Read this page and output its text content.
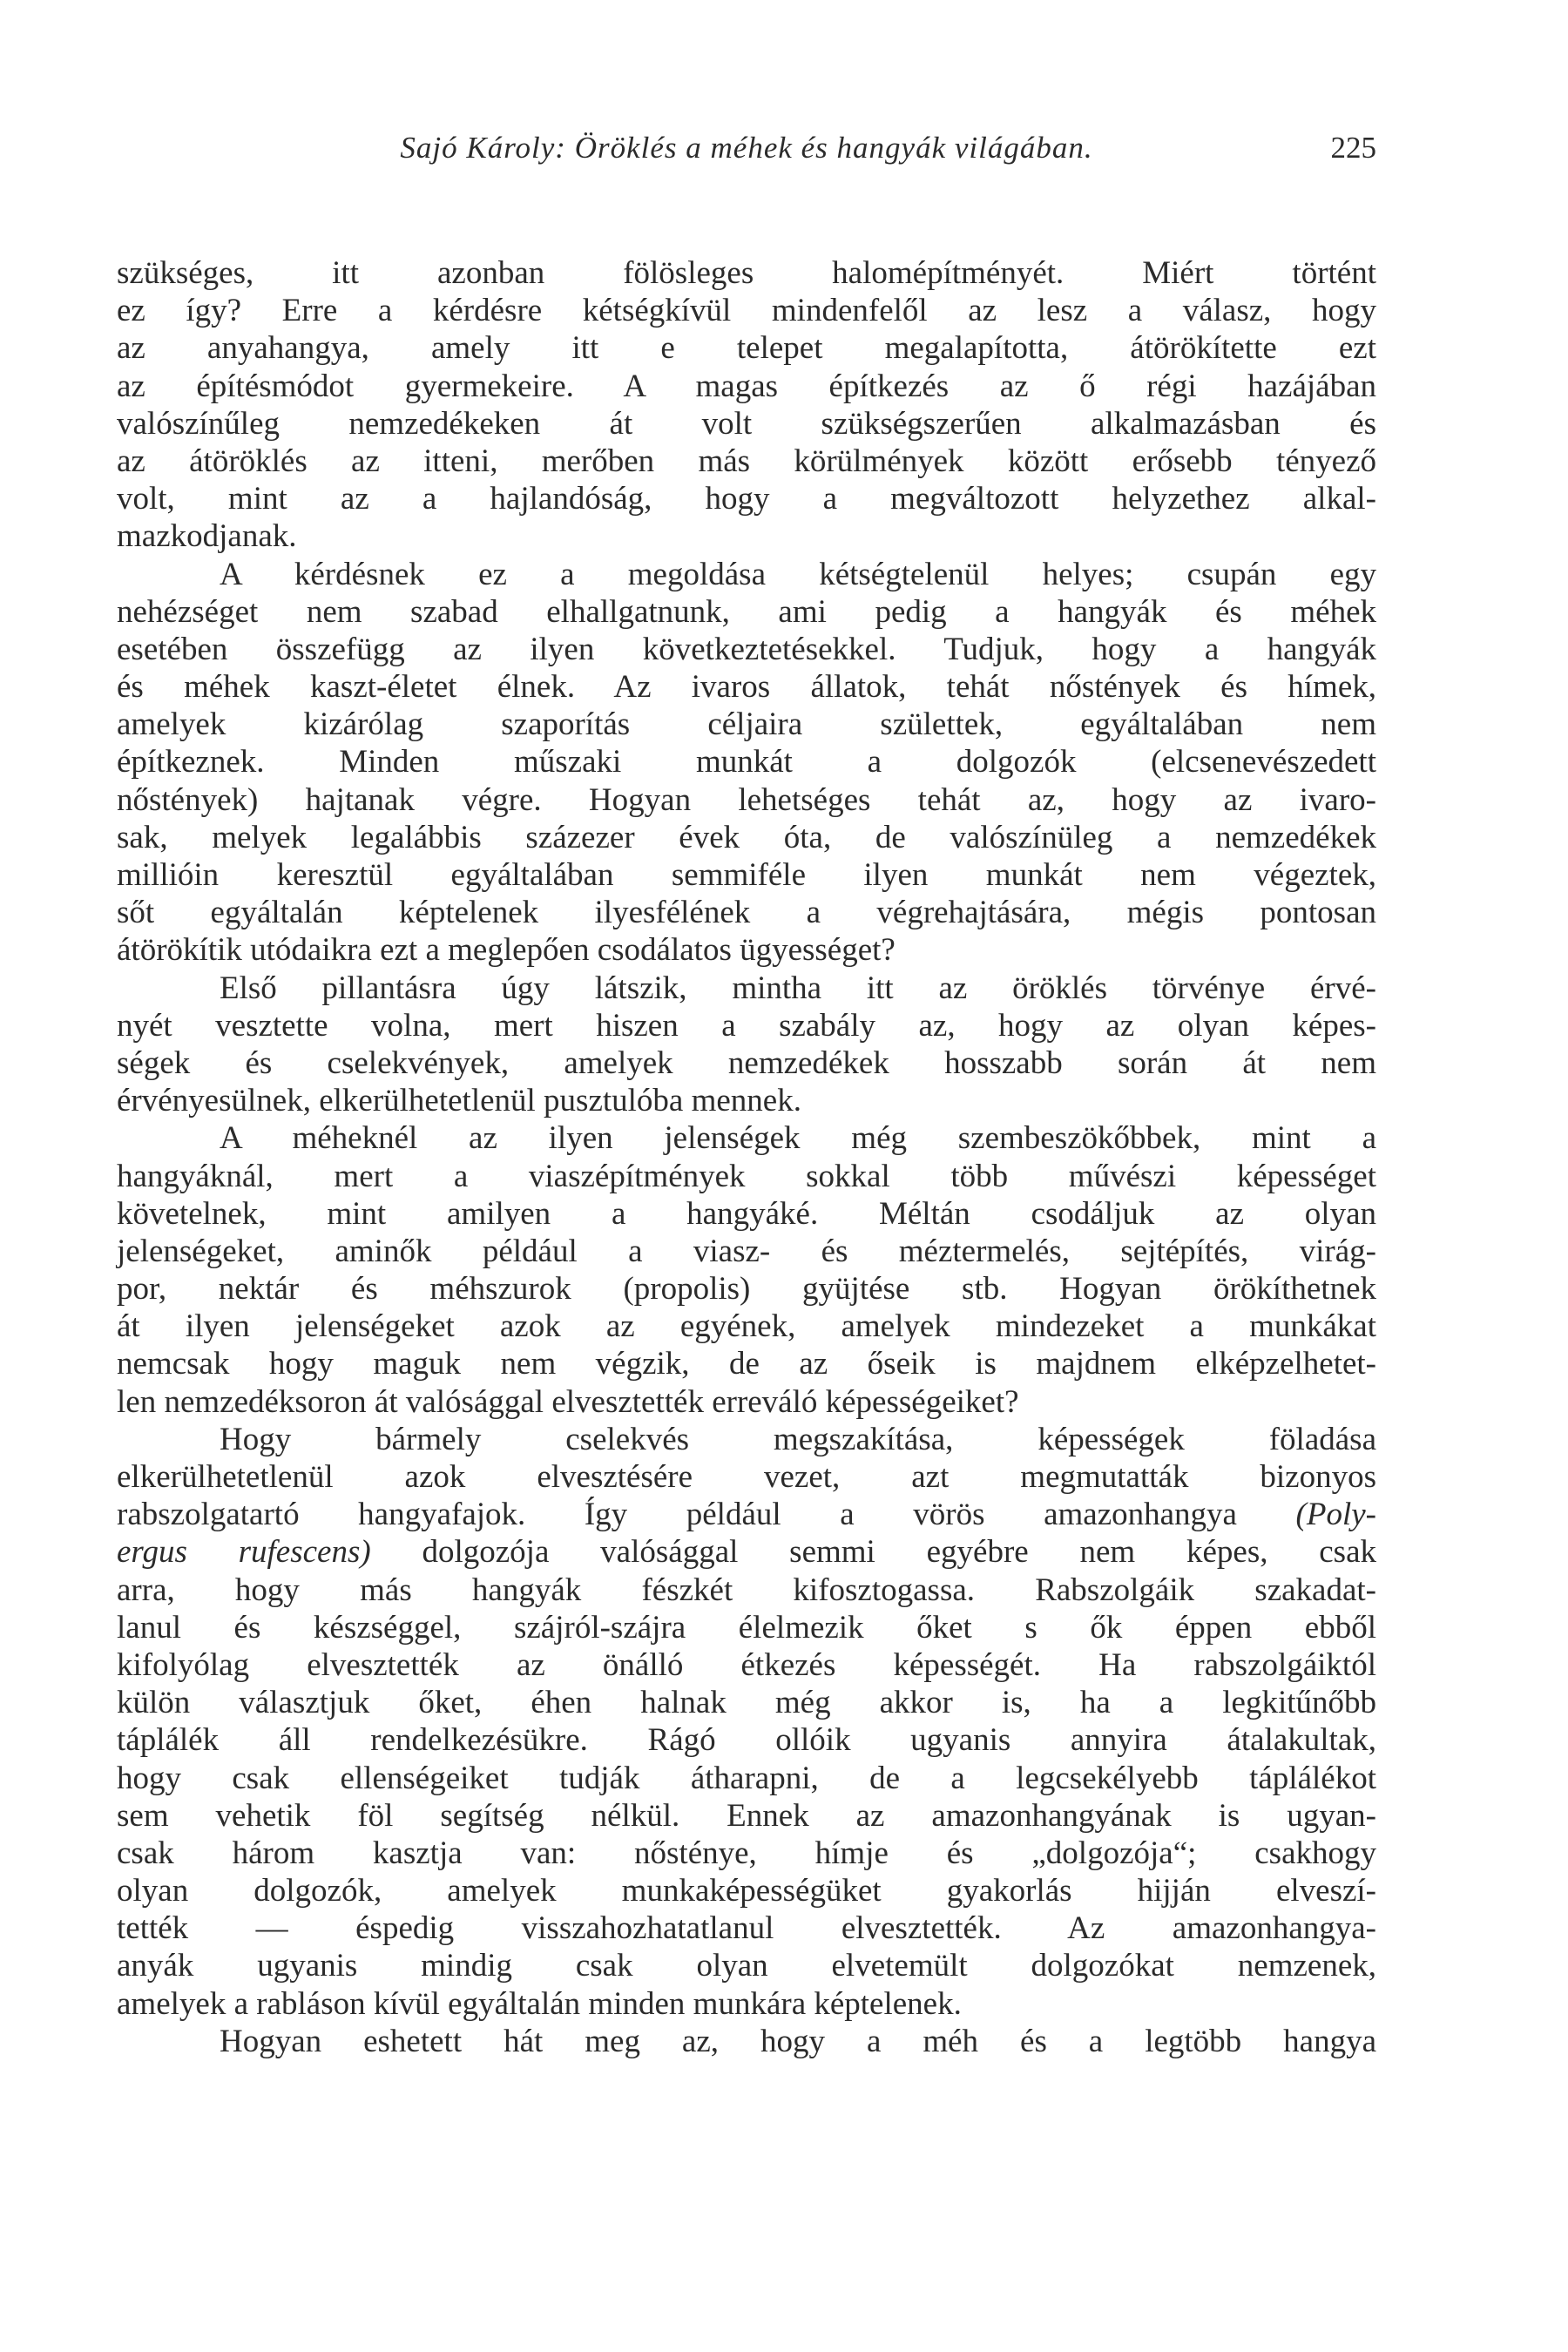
Sajó Károly: Öröklés a méhek és hangyák világában.	225
szükséges, itt azonban fölösleges halomépítményét. Miért történt
ez így? Erre a kérdésre kétségkívül mindenfelől az lesz a válasz, hogy
az anyahangya, amely itt e telepet megalapította, átörökítette ezt
az építésmódot gyermekeire. A magas építkezés az ő régi hazájában
valószínűleg nemzedékeken át volt szükségszerűen alkalmazásban és
az átöröklés az itteni, merőben más körülmények között erősebb tényező
volt, mint az a hajlandóság, hogy a megváltozott helyzethez alkal-
mazkodjanak.
A kérdésnek ez a megoldása kétségtelenül helyes; csupán egy
nehézséget nem szabad elhallgatnunk, ami pedig a hangyák és méhek
esetében összefügg az ilyen következtetésekkel. Tudjuk, hogy a hangyák
és méhek kaszt-életet élnek. Az ivaros állatok, tehát nőstények és hímek,
amelyek kizárólag szaporítás céljaira születtek, egyáltalában nem
építkeznek. Minden műszaki munkát a dolgozók (elcsenevészedett
nőstények) hajtanak végre. Hogyan lehetséges tehát az, hogy az ivaro-
sak, melyek legalábbis százezer évek óta, de valószínüleg a nemzedékek
millióin keresztül egyáltalában semmiféle ilyen munkát nem végeztek,
sőt egyáltalán képtelenek ilyesfélének a végrehajtására, mégis pontosan
átörökítik utódaikra ezt a meglepően csodálatos ügyességet?
Első pillantásra úgy látszik, mintha itt az öröklés törvénye érvé-
nyét vesztette volna, mert hiszen a szabály az, hogy az olyan képes-
ségek és cselekvények, amelyek nemzedékek hosszabb során át nem
érvényesülnek, elkerülhetetlenül pusztulóba mennek.
A méheknél az ilyen jelenségek még szembeszökőbbek, mint a
hangyáknál, mert a viaszépítmények sokkal több művészi képességet
követelnek, mint amilyen a hangyáké. Méltán csodáljuk az olyan
jelenségeket, aminők például a viasz- és méztermelés, sejtépítés, virág-
por, nektár és méhszurok (propolis) gyüjtése stb. Hogyan örökíthetnek
át ilyen jelenségeket azok az egyének, amelyek mindezeket a munkákat
nemcsak hogy maguk nem végzik, de az őseik is majdnem elképzelhetet-
len nemzedéksoron át valósággal elvesztették erreváló képességeiket?
Hogy bármely cselekvés megszakítása, képességek föladása
elkerülhetetlenül azok elvesztésére vezet, azt megmutatták bizonyos
rabszolgatartó hangyafajok. Így például a vörös amazonhangya (Poly-
ergus rufescens) dolgozója valósággal semmi egyébre nem képes, csak
arra, hogy más hangyák fészkét kifosztogassa. Rabszolgáik szakadat-
lanul és készséggel, szájról-szájra élelmezik őket s ők éppen ebből
kifolyólag elvesztették az önálló étkezés képességét. Ha rabszolgáiktól
külön választjuk őket, éhen halnak még akkor is, ha a legkitűnőbb
táplálék áll rendelkezésükre. Rágó ollóik ugyanis annyira átalakultak,
hogy csak ellenségeiket tudják átharapni, de a legcsekélyebb táplálékot
sem vehetik föl segítség nélkül. Ennek az amazonhangyának is ugyan-
csak három kasztja van: nősténye, hímje és „dolgozója“; csakhogy
olyan dolgozók, amelyek munkaképességüket gyakorlás hijján elveszí-
tették — éspedig visszahozhatatlanul elvesztették. Az amazonhangya-
anyák ugyanis mindig csak olyan elvetemült dolgozókat nemzenek,
amelyek a rabláson kívül egyáltalán minden munkára képtelenek.
Hogyan eshetett hát meg az, hogy a méh és a legtöbb hangya
